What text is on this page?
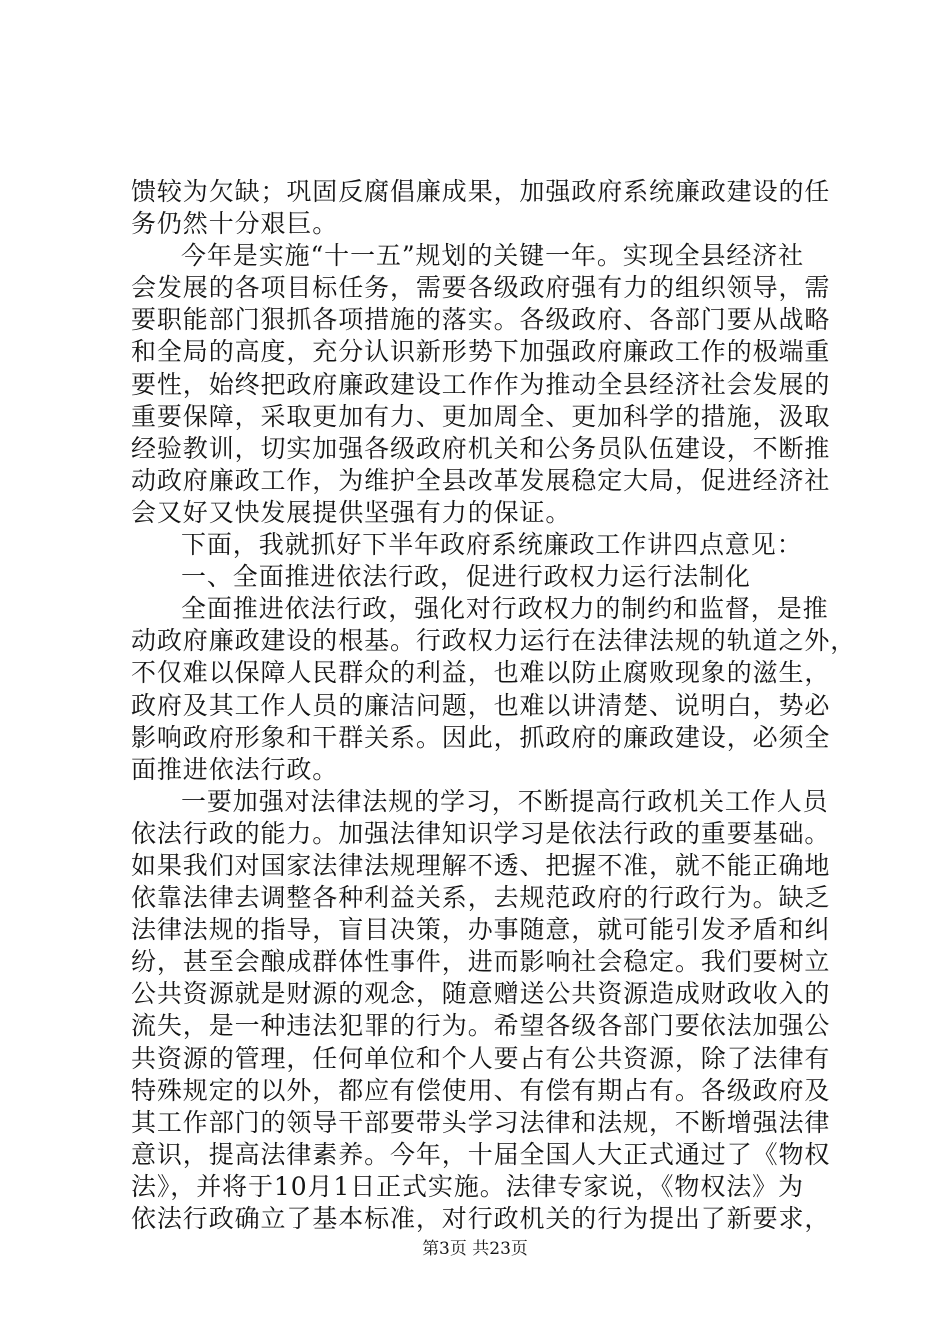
馈较为欠缺；巩固反腐倡廉成果，加强政府系统廉政建设的任
务仍然十分艰巨。
今年是实施“十一五”规划的关键一年。实现全县经济社
会发展的各项目标任务，需要各级政府强有力的组织领导，需
要职能部门狠抓各项措施的落实。各级政府、各部门要从战略
和全局的高度，充分认识新形势下加强政府廉政工作的极端重
要性，始终把政府廉政建设工作作为推动全县经济社会发展的
重要保障，采取更加有力、更加周全、更加科学的措施，汲取
经验教训，切实加强各级政府机关和公务员队伍建设，不断推
动政府廉政工作，为维护全县改革发展稳定大局，促进经济社
会又好又快发展提供坚强有力的保证。
下面，我就抓好下半年政府系统廉政工作讲四点意见：
一、全面推进依法行政，促进行政权力运行法制化
全面推进依法行政，强化对行政权力的制约和监督，是推
动政府廉政建设的根基。行政权力运行在法律法规的轨道之外，
不仅难以保障人民群众的利益，也难以防止腐败现象的滋生，
政府及其工作人员的廉洁问题，也难以讲清楚、说明白，势必
影响政府形象和干群关系。因此，抓政府的廉政建设，必须全
面推进依法行政。
一要加强对法律法规的学习，不断提高行政机关工作人员
依法行政的能力。加强法律知识学习是依法行政的重要基础。
如果我们对国家法律法规理解不透、把握不准，就不能正确地
依靠法律去调整各种利益关系，去规范政府的行政行为。缺乏
法律法规的指导，盲目决策，办事随意，就可能引发矛盾和纠
纷，甚至会酿成群体性事件，进而影响社会稳定。我们要树立
公共资源就是财源的观念，随意赠送公共资源造成财政收入的
流失，是一种违法犯罪的行为。希望各级各部门要依法加强公
共资源的管理，任何单位和个人要占有公共资源，除了法律有
特殊规定的以外，都应有偿使用、有偿有期占有。各级政府及
其工作部门的领导干部要带头学习法律和法规，不断增强法律
意识，提高法律素养。今年，十届全国人大正式通过了《物权
法》，并将于10月1日正式实施。法律专家说，《物权法》为
依法行政确立了基本标准，对行政机关的行为提出了新要求，
第3页 共23页
